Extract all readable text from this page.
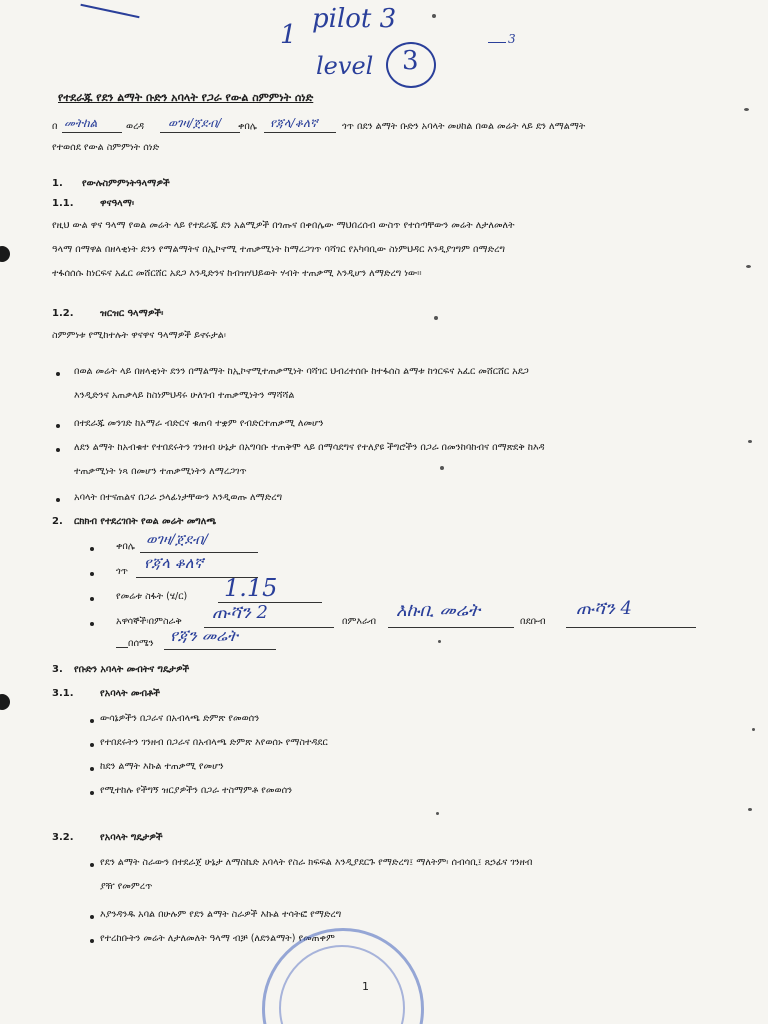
1
pilot 3
level 3
3
የተደራጁ የደን ልማት ቡድን አባላት የጋራ የውል ስምምነት ሰነድ
በ መትከል	ወረዳ ወገዛ/ጀደብ/ ቀበሌ የጃላ/ቆለኛ	ጎጥ በደን ልማት ቡድን አባላት መሀከል በወል መሬት ላይ ደን ለማልማት
የተወሰደ የውል ስምምነት ሰነድ
1. የውሉስምምነትዓላማዎች
1.1.	ዋናዓላማ፡
የዚህ ውል ዋና ዓላማ የወል መሬት ላይ የተደራጁ ደን አልሚዎች በጎጡና በቀበሌው ማህበረሰብ ውስጥ የተሰጣቸውን መሬት ለታለመለት
ዓላማ በማዋል በዘላቂነት ደንን የማልማትና በኢኮኖሚ ተጠቃሚነት ከማረጋገጥ ባሻገር የአካባቢው ስነምህዳር እንዲያገግም በማድረግ
ተፋሰሰሱ ከነርፍና አፈር መሸርሸር አደጋ እንዲድንና ከብዝሃህይወት ሃብት ተጠቃሚ እንዲሆን ለማድረግ ነው።
1.2.	ዝርዝር ዓላማዎች፡
ስምምነቱ የሚከተሉት ዋናዋና ዓላማዎች ይኖሩታል፡
በወል መሬት ላይ በዘላቂነት ደንን በማልማት ከኢኮኖሚተጠቃሚነት ባሻገር ህብረተሰቡ ከተፋሰስ ልማቱ ከጎርፍና አፈር መሸርሸር አደጋ
እንዲድንና አጠቃላይ ከስነምህዳሩ ሁለገብ ተጠቃሚነትን ማሻሻል
በተደራጁ መንገድ ከአማራ ብድርና ቁጠባ ተቋም የብድርተጠቃሚ ለመሆን
ለደን ልማት ከአብቁተ የተበደሩትን ገንዘብ ሁኔታ በአግባቡ ተጠቅሞ ላይ በማሳደግና የተለያዩ ችግሮችን በጋራ በመንከባከብና በማጽደቅ ከእዳ
ተጠቃሚነት ነጻ በመሆን ተጠቃሚነትን ለማረጋገጥ
አባላት በተናጠልና በጋራ ኃላፊነታቸውን እንዲወጡ ለማድረግ
2. ርክክብ የተደረገበት የወል መሬት መግለጫ
ቀበሌ ወገዛ/ጀደብ/
ጎጥ የጃላ ቆለኛ
የመሬቱ ስፋት (ሄ/ር) 1.15
አዋሳኞች፡በምስራቅ ጡሻን 2	በምእራብ
እኩቢ መሬት
በደቡብ
ጡሻን 4
በሰሜን የጃን መሬት
3. የቡድን አባላት መብትና ግዴታዎች
3.1.	የአባላት መብቶች
ውሳኔዎችን በጋራና በአብላጫ ድምጽ የመወሰን
የተበደሩትን ገንዘብ በጋራና በአብላጫ ድምጽ እየወሰኑ የማስተዳደር
ከደን ልማት እኩል ተጠቃሚ የመሆን
የሚተከሉ የችግኝ ዝርያዎችን በጋራ ተስማምቶ የመወሰን
3.2.	የአባላት ግዴታዎች
የደን ልማት ስራውን በተደራጀ ሁኔታ ለማስኬድ አባላት የስራ ክፍፍል እንዲያደርጉ የማድረግ፤ ማለትም፡ ሰብሳቢ፤ ጸኃፊና ገንዘብ
ያዥ የመምረጥ
እያንዳንዱ አባል በሁሉም የደን ልማት ስራዎች እኩል ተሳትፎ የማድረግ
የተረከቡትን መሬት ለታለመለት ዓላማ ብቻ (ለደንልማት) የመጠቀም
1
